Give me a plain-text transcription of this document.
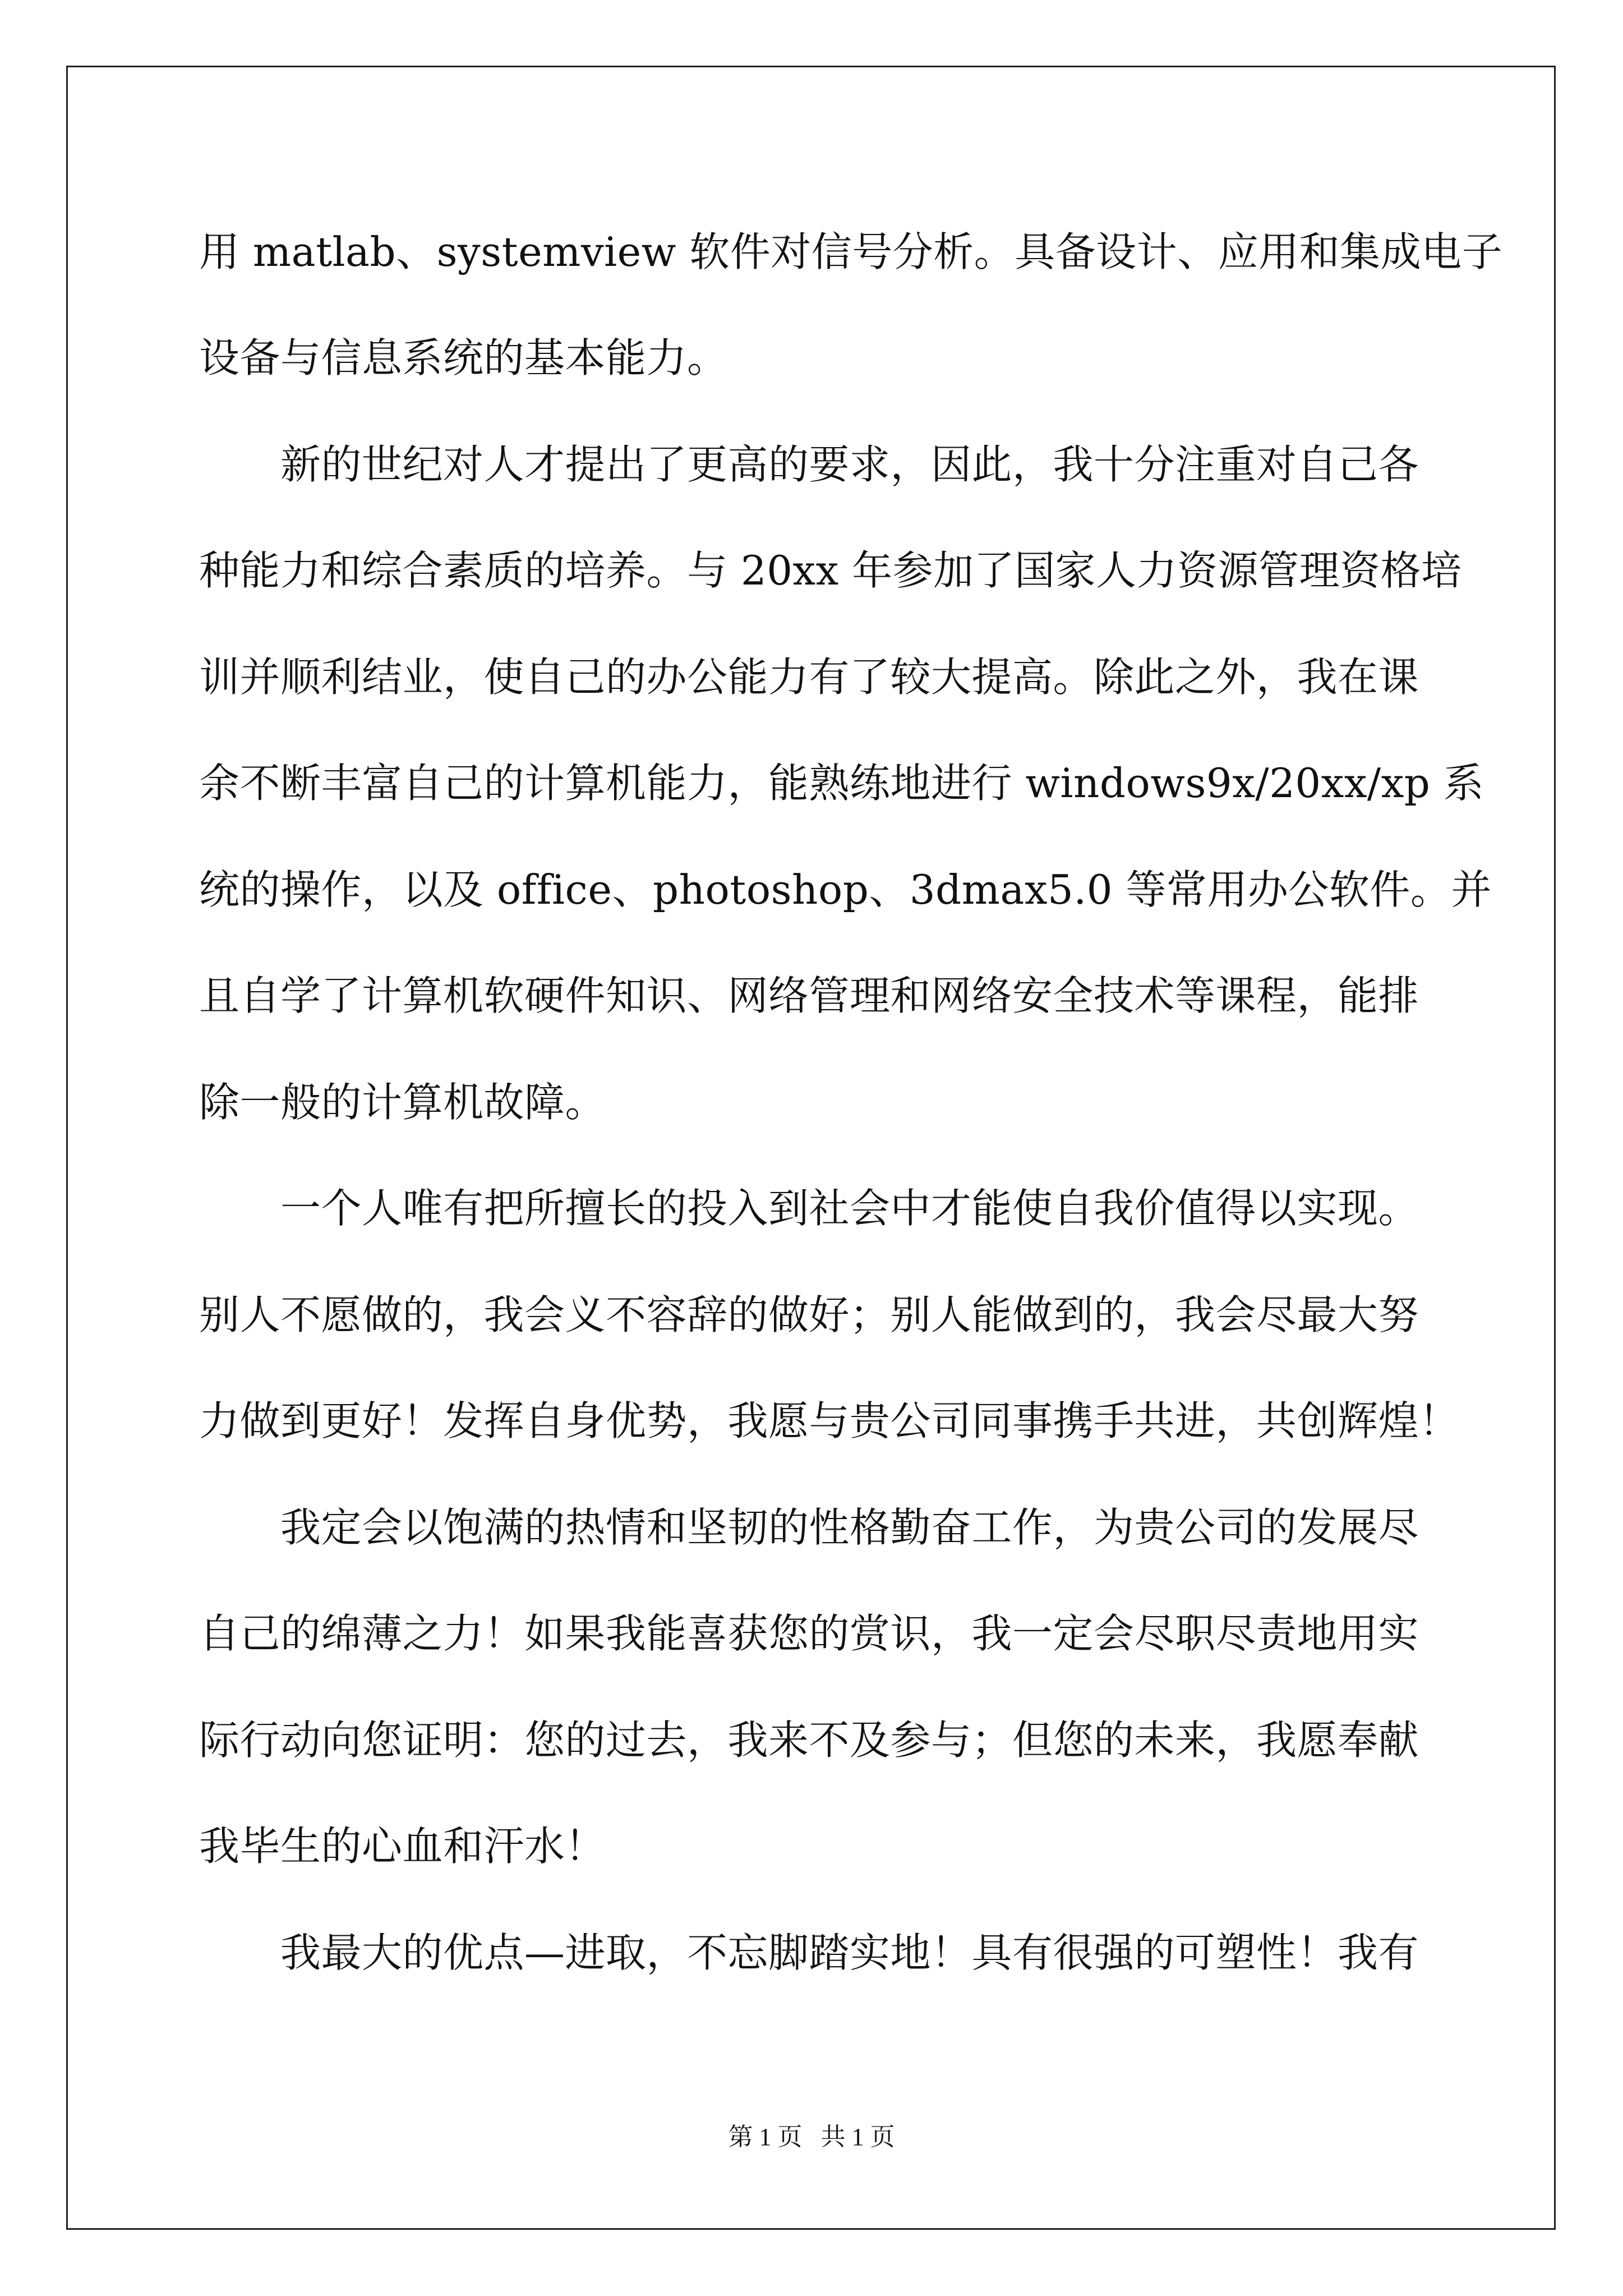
用 matlab、systemview 软件对信号分析。具备设计、应用和集成电子
设备与信息系统的基本能力。
　　新的世纪对人才提出了更高的要求，因此，我十分注重对自己各
种能力和综合素质的培养。与 20xx 年参加了国家人力资源管理资格培
训并顺利结业，使自己的办公能力有了较大提高。除此之外，我在课
余不断丰富自己的计算机能力，能熟练地进行 windows9x/20xx/xp 系
统的操作，以及 office、photoshop、3dmax5.0 等常用办公软件。并
且自学了计算机软硬件知识、网络管理和网络安全技术等课程，能排
除一般的计算机故障。
　　一个人唯有把所擅长的投入到社会中才能使自我价值得以实现。
别人不愿做的，我会义不容辞的做好；别人能做到的，我会尽最大努
力做到更好！发挥自身优势，我愿与贵公司同事携手共进，共创辉煌！
　　我定会以饱满的热情和坚韧的性格勤奋工作，为贵公司的发展尽
自己的绵薄之力！如果我能喜获您的赏识，我一定会尽职尽责地用实
际行动向您证明：您的过去，我来不及参与；但您的未来，我愿奉献
我毕生的心血和汗水！
　　我最大的优点—进取，不忘脚踏实地！具有很强的可塑性！我有
第 1 页   共 1 页
